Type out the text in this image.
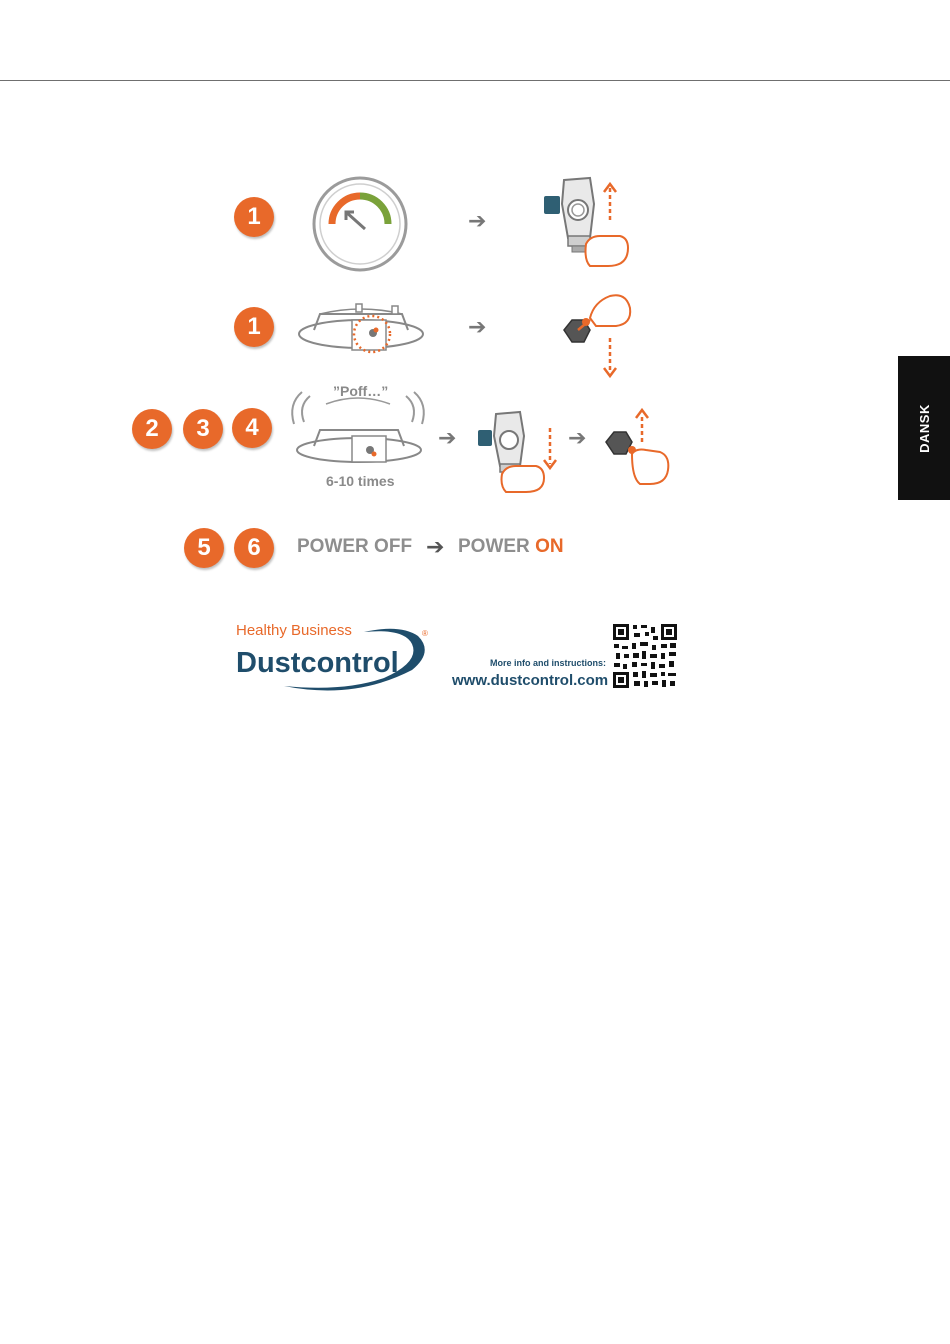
DANSK
1	➔
1	➔
2	3	4
”Poff…”
6-10 times
➔	➔
5	6	POWER OFF ➔ POWER ON
Healthy Business
Dustcontrol
®
More info and instructions:
www.dustcontrol.com
